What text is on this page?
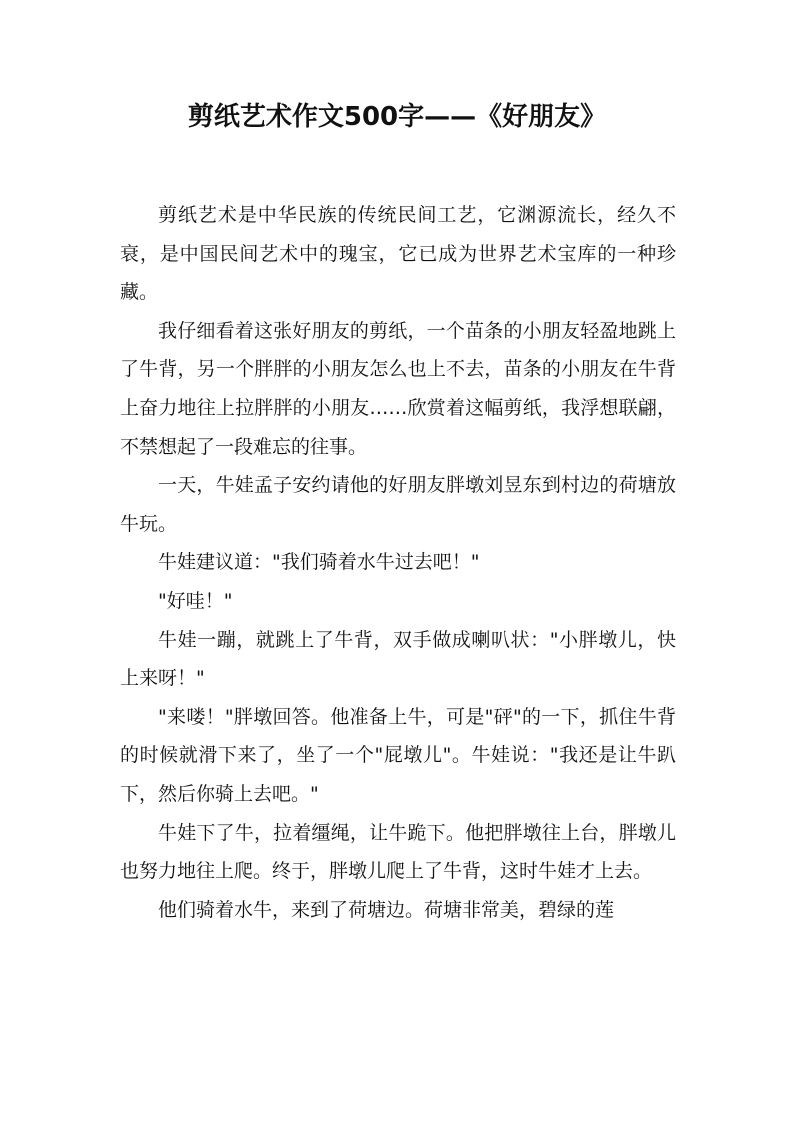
剪纸艺术作文500字——《好朋友》

剪纸艺术是中华民族的传统民间工艺，它渊源流长，经久不衰，是中国民间艺术中的瑰宝，它已成为世界艺术宝库的一种珍藏。

我仔细看着这张好朋友的剪纸，一个苗条的小朋友轻盈地跳上了牛背，另一个胖胖的小朋友怎么也上不去，苗条的小朋友在牛背上奋力地往上拉胖胖的小朋友……欣赏着这幅剪纸，我浮想联翩，不禁想起了一段难忘的往事。

一天，牛娃孟子安约请他的好朋友胖墩刘昱东到村边的荷塘放牛玩。

牛娃建议道："我们骑着水牛过去吧！"

"好哇！"

牛娃一蹦，就跳上了牛背，双手做成喇叭状："小胖墩儿，快上来呀！"

"来喽！"胖墩回答。他准备上牛，可是"砰"的一下，抓住牛背的时候就滑下来了，坐了一个"屁墩儿"。牛娃说："我还是让牛趴下，然后你骑上去吧。"

牛娃下了牛，拉着缰绳，让牛跪下。他把胖墩往上台，胖墩儿也努力地往上爬。终于，胖墩儿爬上了牛背，这时牛娃才上去。

他们骑着水牛，来到了荷塘边。荷塘非常美，碧绿的莲
